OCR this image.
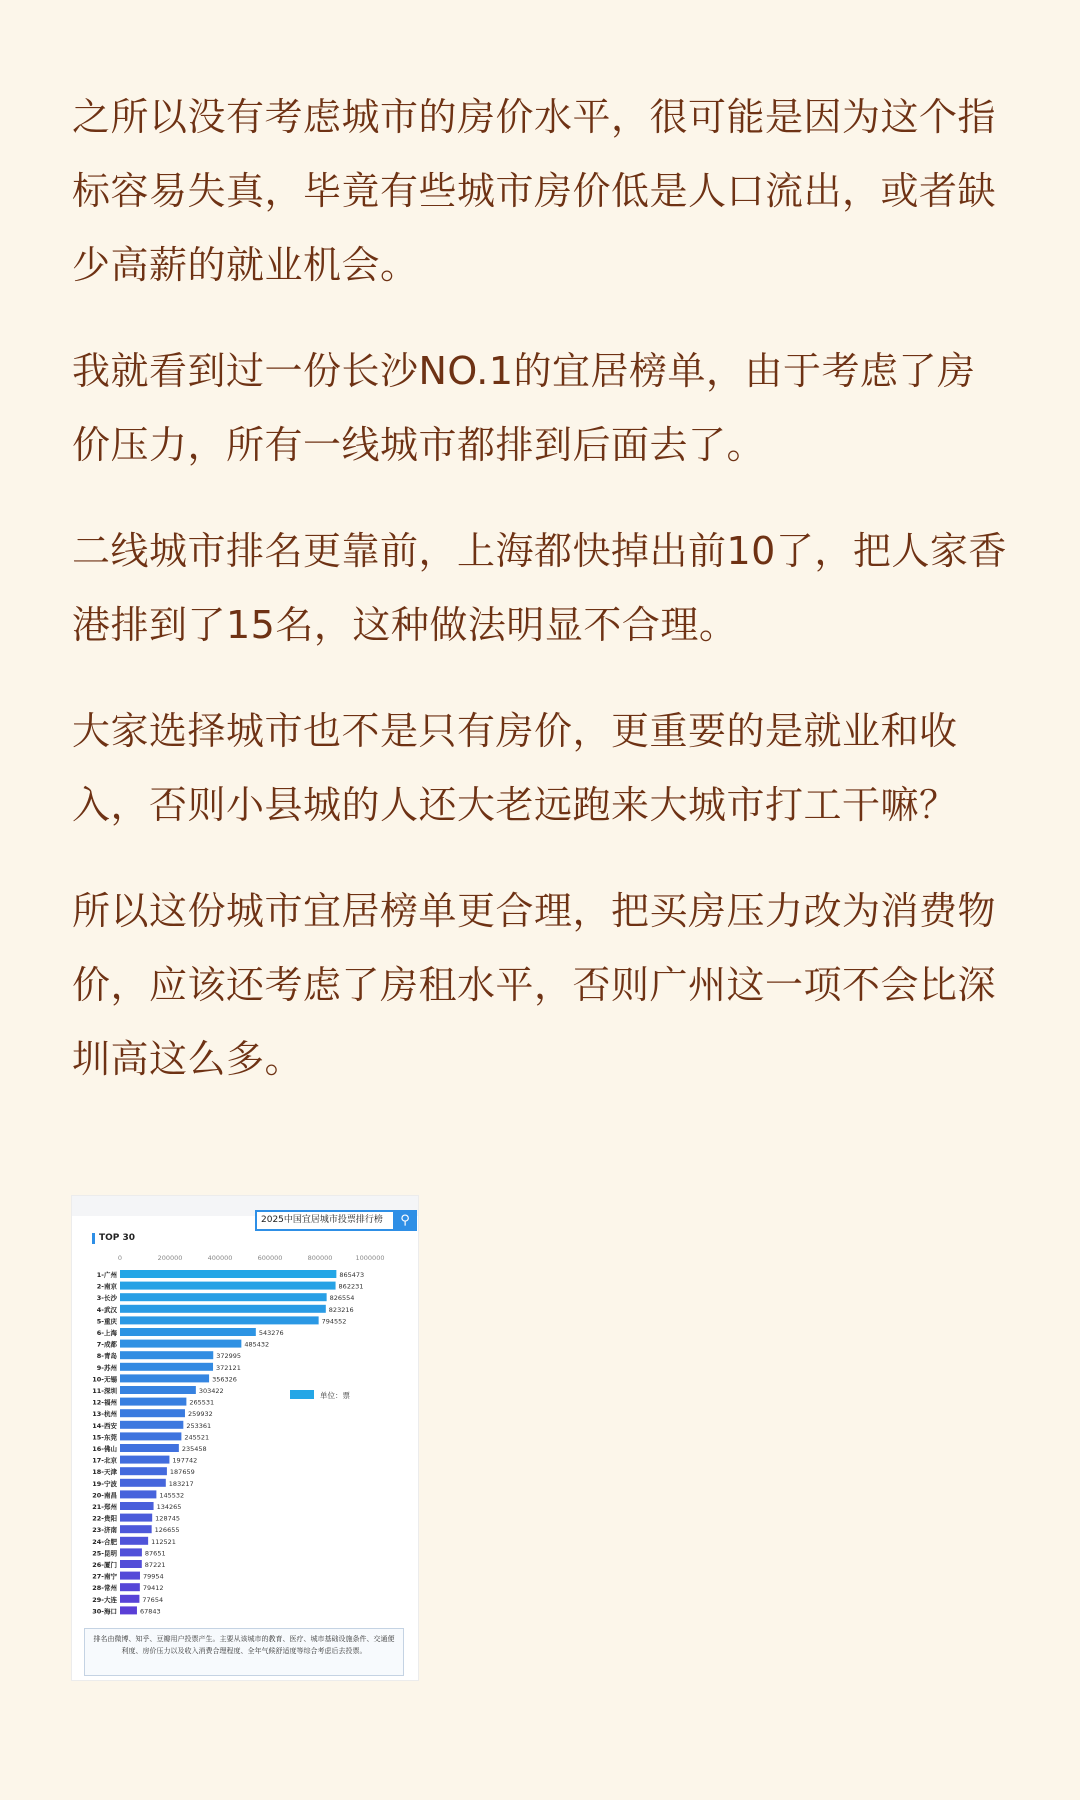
之所以没有考虑城市的房价水平，很可能是因为这个指标容易失真，毕竟有些城市房价低是人口流出，或者缺少高薪的就业机会。

我就看到过一份长沙NO.1的宜居榜单，由于考虑了房价压力，所有一线城市都排到后面去了。

二线城市排名更靠前，上海都快掉出前10了，把人家香港排到了15名，这种做法明显不合理。

大家选择城市也不是只有房价，更重要的是就业和收入，否则小县城的人还大老远跑来大城市打工干嘛？

所以这份城市宜居榜单更合理，把买房压力改为消费物价，应该还考虑了房租水平，否则广州这一项不会比深圳高这么多。

2025中国宜居城市投票排行榜	⚲
TOP 30
0	200000	400000	600000	800000	1000000
1-广州	865473
2-南京	862231
3-长沙	826554
4-武汉	823216
5-重庆	794552
6-上海	543276
7-成都	485432
8-青岛	372995
9-苏州	372121
10-无锡	356326
11-深圳	303422
12-福州	265531
13-杭州	259932
14-西安	253361
15-东莞	245521
16-佛山	235458
17-北京	197742
18-天津	187659
19-宁波	183217
20-南昌	145532
21-郑州	134265
22-贵阳	128745
23-济南	126655
24-合肥	112521
25-昆明	87651
26-厦门	87221
27-南宁	79954
28-常州	79412
29-大连	77654
30-海口	67843
单位：票
排名由微博、知乎、豆瓣用户投票产生。主要从该城市的教育、医疗、城市基础设施条件、交通便利度、房价压力以及收入消费合理程度、全年气候舒适度等综合考虑后去投票。
